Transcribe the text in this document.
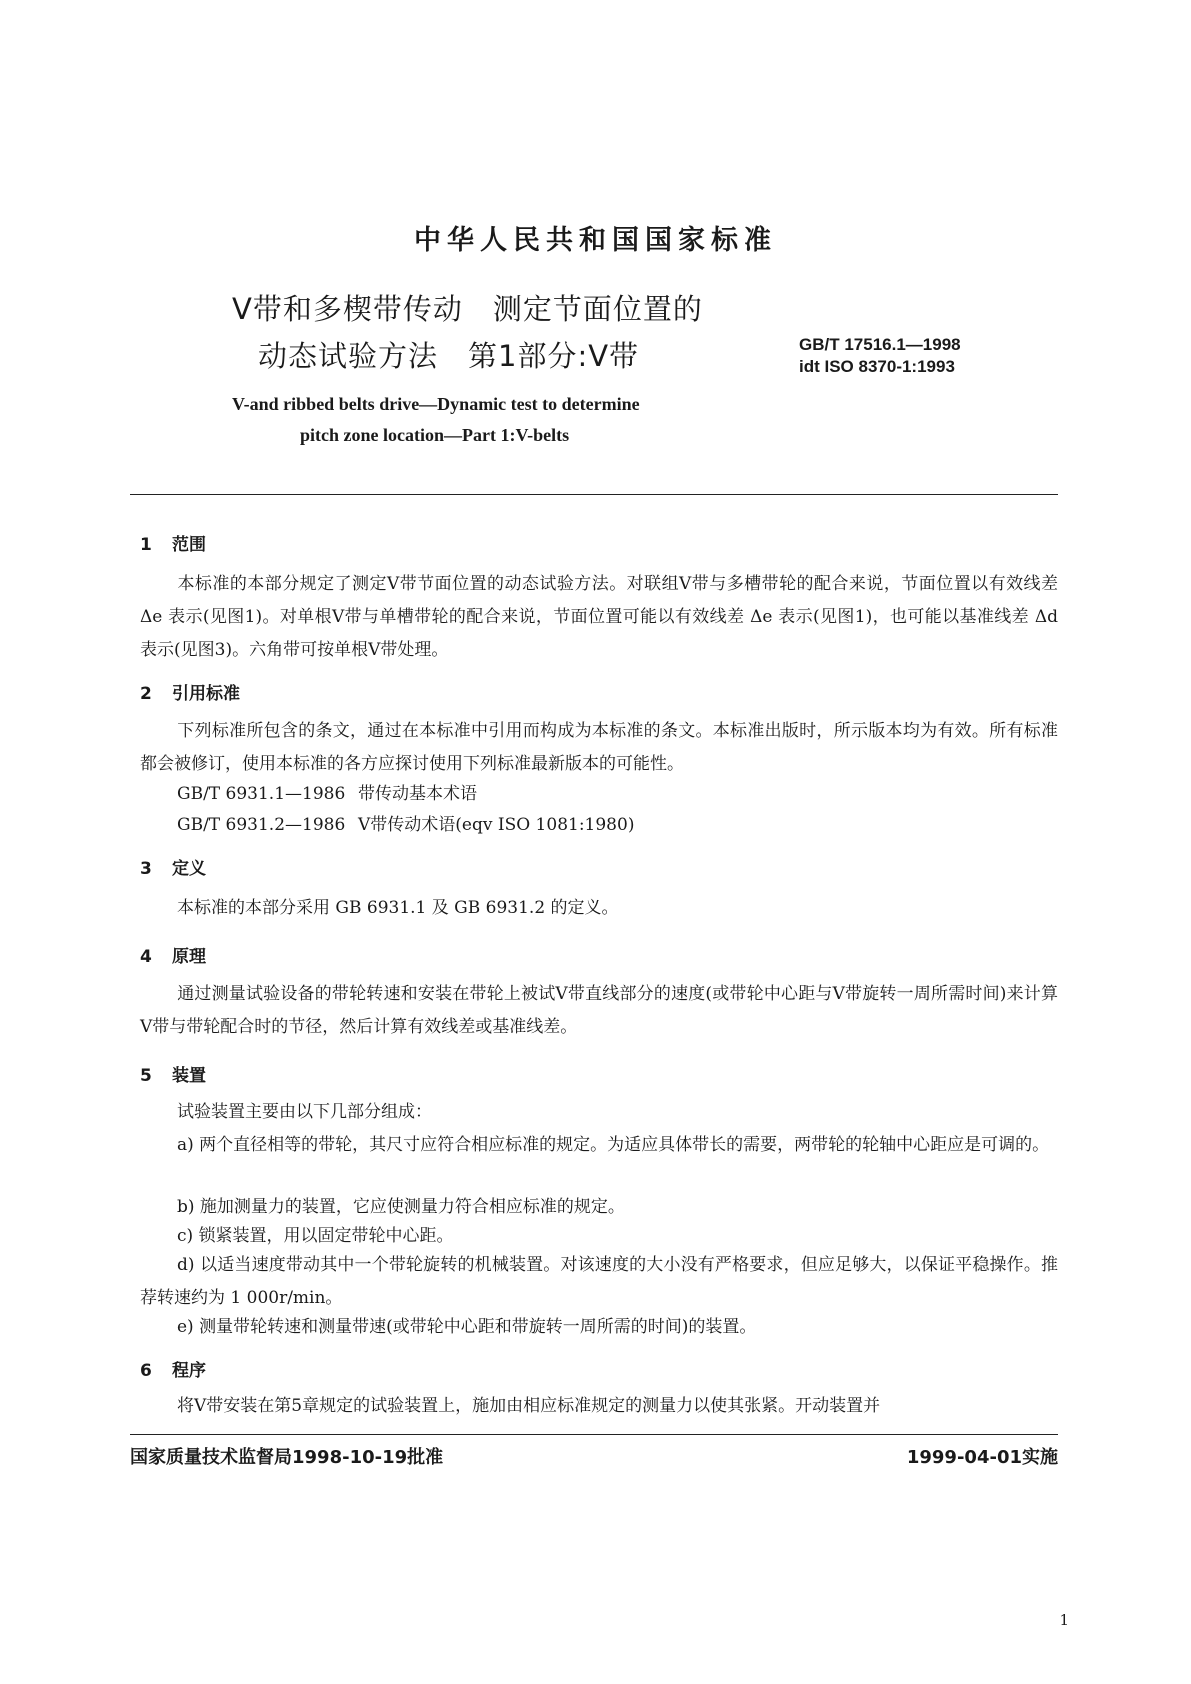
中华人民共和国国家标准
V带和多楔带传动　测定节面位置的
动态试验方法　第1部分:V带	GB/T 17516.1—1998
idt ISO 8370-1:1993
V-and ribbed belts drive—Dynamic test to determine
pitch zone location—Part 1:V-belts
1 范围
本标准的本部分规定了测定V带节面位置的动态试验方法。对联组V带与多槽带轮的配合来说，节面位置以有效线差 Δe 表示(见图1)。对单根V带与单槽带轮的配合来说，节面位置可能以有效线差 Δe 表示(见图1)，也可能以基准线差 Δd 表示(见图3)。六角带可按单根V带处理。
2 引用标准
下列标准所包含的条文，通过在本标准中引用而构成为本标准的条文。本标准出版时，所示版本均为有效。所有标准都会被修订，使用本标准的各方应探讨使用下列标准最新版本的可能性。
GB/T 6931.1—1986 带传动基本术语
GB/T 6931.2—1986 V带传动术语(eqv ISO 1081:1980)
3 定义
本标准的本部分采用 GB 6931.1 及 GB 6931.2 的定义。
4 原理
通过测量试验设备的带轮转速和安装在带轮上被试V带直线部分的速度(或带轮中心距与V带旋转一周所需时间)来计算V带与带轮配合时的节径，然后计算有效线差或基准线差。
5 装置
试验装置主要由以下几部分组成：
a) 两个直径相等的带轮，其尺寸应符合相应标准的规定。为适应具体带长的需要，两带轮的轮轴中心距应是可调的。
b) 施加测量力的装置，它应使测量力符合相应标准的规定。
c) 锁紧装置，用以固定带轮中心距。
d) 以适当速度带动其中一个带轮旋转的机械装置。对该速度的大小没有严格要求，但应足够大，以保证平稳操作。推荐转速约为 1 000r/min。
e) 测量带轮转速和测量带速(或带轮中心距和带旋转一周所需的时间)的装置。
6 程序
将V带安装在第5章规定的试验装置上，施加由相应标准规定的测量力以使其张紧。开动装置并
国家质量技术监督局1998-10-19批准	1999-04-01实施
1
